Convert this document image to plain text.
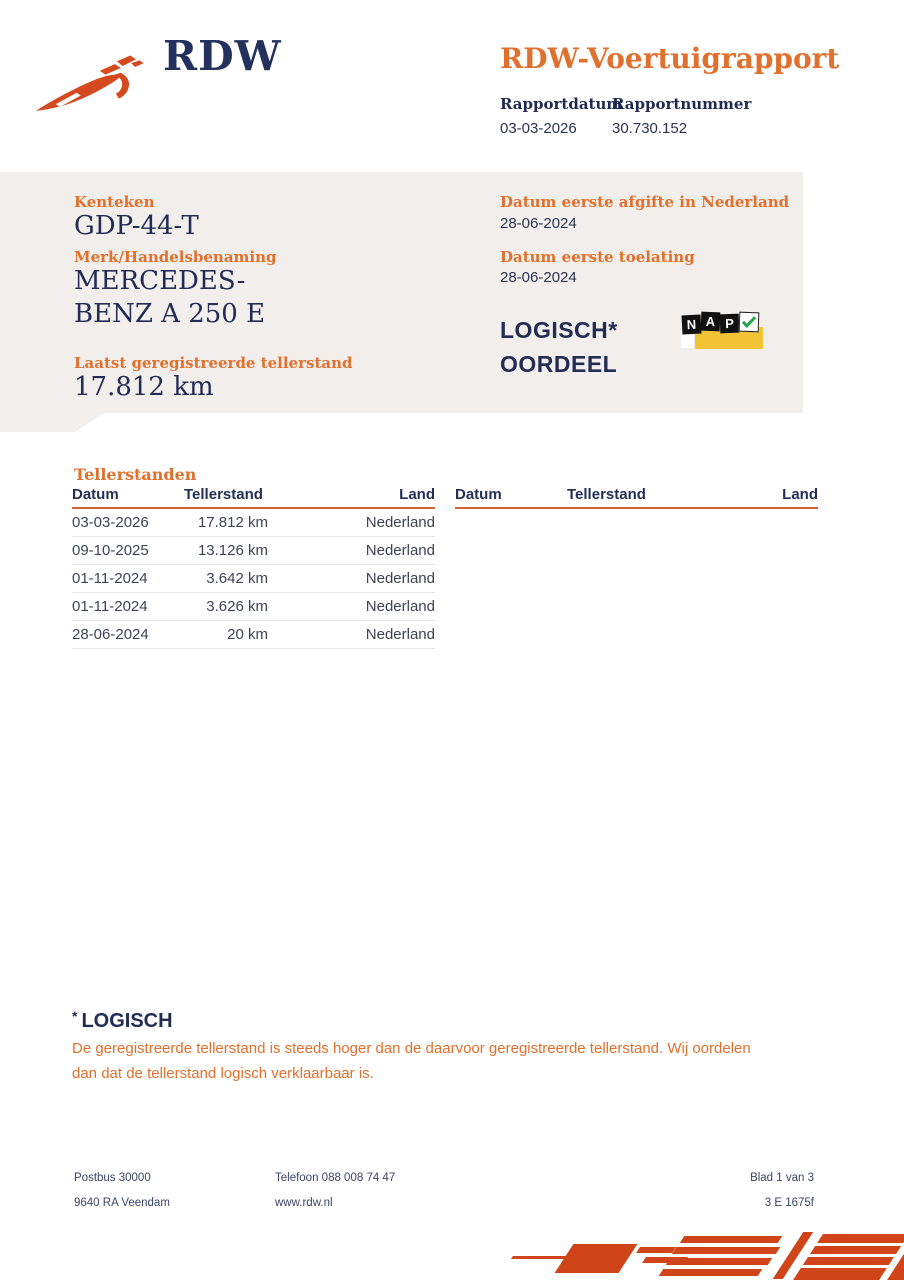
RDW	RDW-Voertuigrapport
Rapportdatum
03-03-2026
Rapportnummer
30.730.152
Kenteken
GDP-44-T
Merk/Handelsbenaming
MERCEDES-BENZ A 250 E
Laatst geregistreerde tellerstand
17.812 km
Datum eerste afgifte in Nederland
28-06-2024
Datum eerste toelating
28-06-2024
LOGISCH* OORDEEL
N A P
Tellerstanden
Datum	Tellerstand	Land
03-03-2026	17.812 km	Nederland
09-10-2025	13.126 km	Nederland
01-11-2024	3.642 km	Nederland
01-11-2024	3.626 km	Nederland
28-06-2024	20 km	Nederland
Datum	Tellerstand	Land
* LOGISCH

De geregistreerde tellerstand is steeds hoger dan de daarvoor geregistreerde tellerstand. Wij oordelen dan dat de tellerstand logisch verklaarbaar is.

Postbus 30000	Telefoon 088 008 74 47	Blad 1 van 3
9640 RA Veendam	www.rdw.nl	3 E 1675f
